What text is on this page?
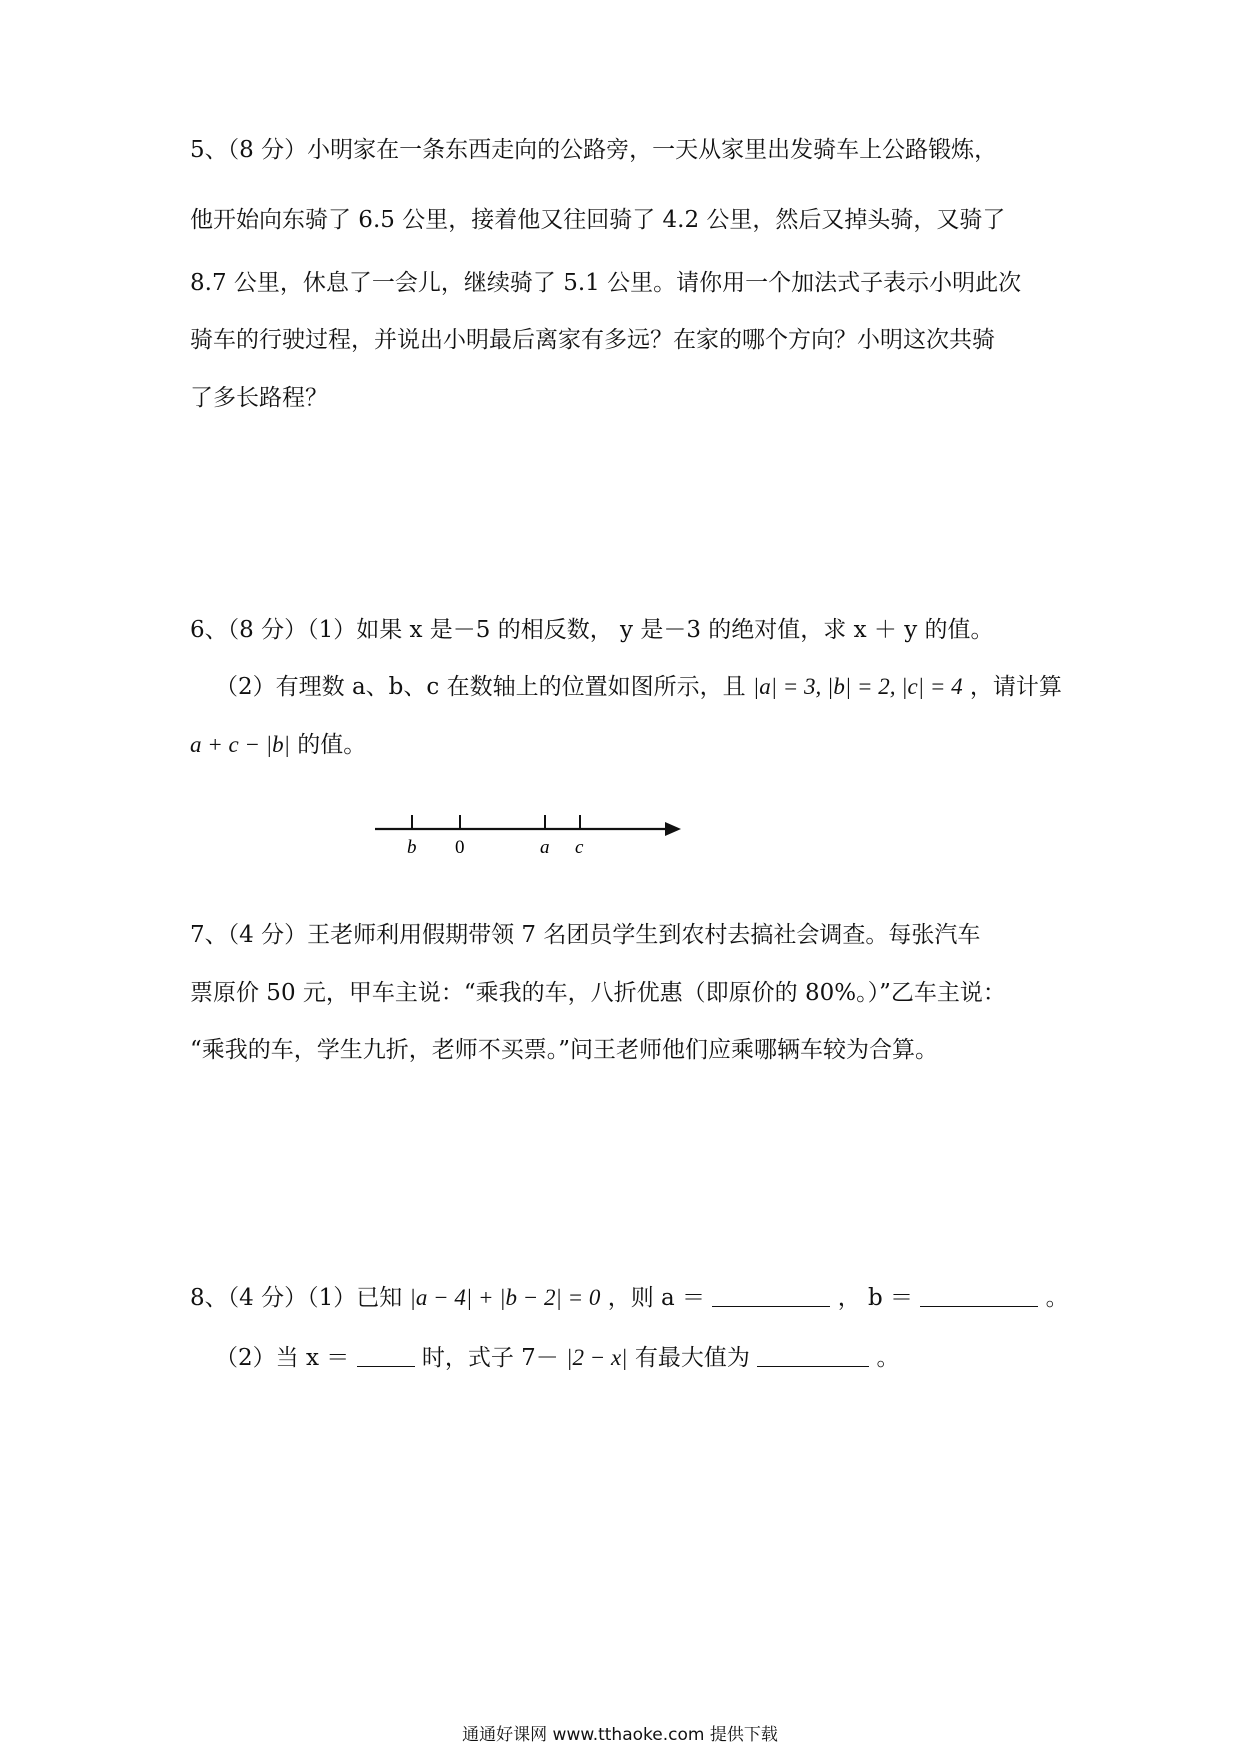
5、（8 分）小明家在一条东西走向的公路旁，一天从家里出发骑车上公路锻炼，
他开始向东骑了 6.5 公里，接着他又往回骑了 4.2 公里，然后又掉头骑，又骑了
8.7 公里，休息了一会儿，继续骑了 5.1 公里。请你用一个加法式子表示小明此次
骑车的行驶过程，并说出小明最后离家有多远？在家的哪个方向？小明这次共骑
了多长路程？
6、（8 分）（1）如果 x 是－5 的相反数， y 是－3 的绝对值，求 x ＋ y 的值。
（2）有理数 a、b、c 在数轴上的位置如图所示，且 |a| = 3, |b| = 2, |c| = 4 ，请计算
a + c − |b| 的值。
b 0	a c
7、（4 分）王老师利用假期带领 7 名团员学生到农村去搞社会调查。每张汽车
票原价 50 元，甲车主说：“乘我的车，八折优惠（即原价的 80%。）”乙车主说：
“乘我的车，学生九折，老师不买票。”问王老师他们应乘哪辆车较为合算。
8、（4 分）（1）已知 |a − 4| + |b − 2| = 0 ，则 a ＝	， b ＝	。
（2）当 x ＝	时，式子 7－ |2 − x| 有最大值为	。
通通好课网 www.tthaoke.com 提供下载
